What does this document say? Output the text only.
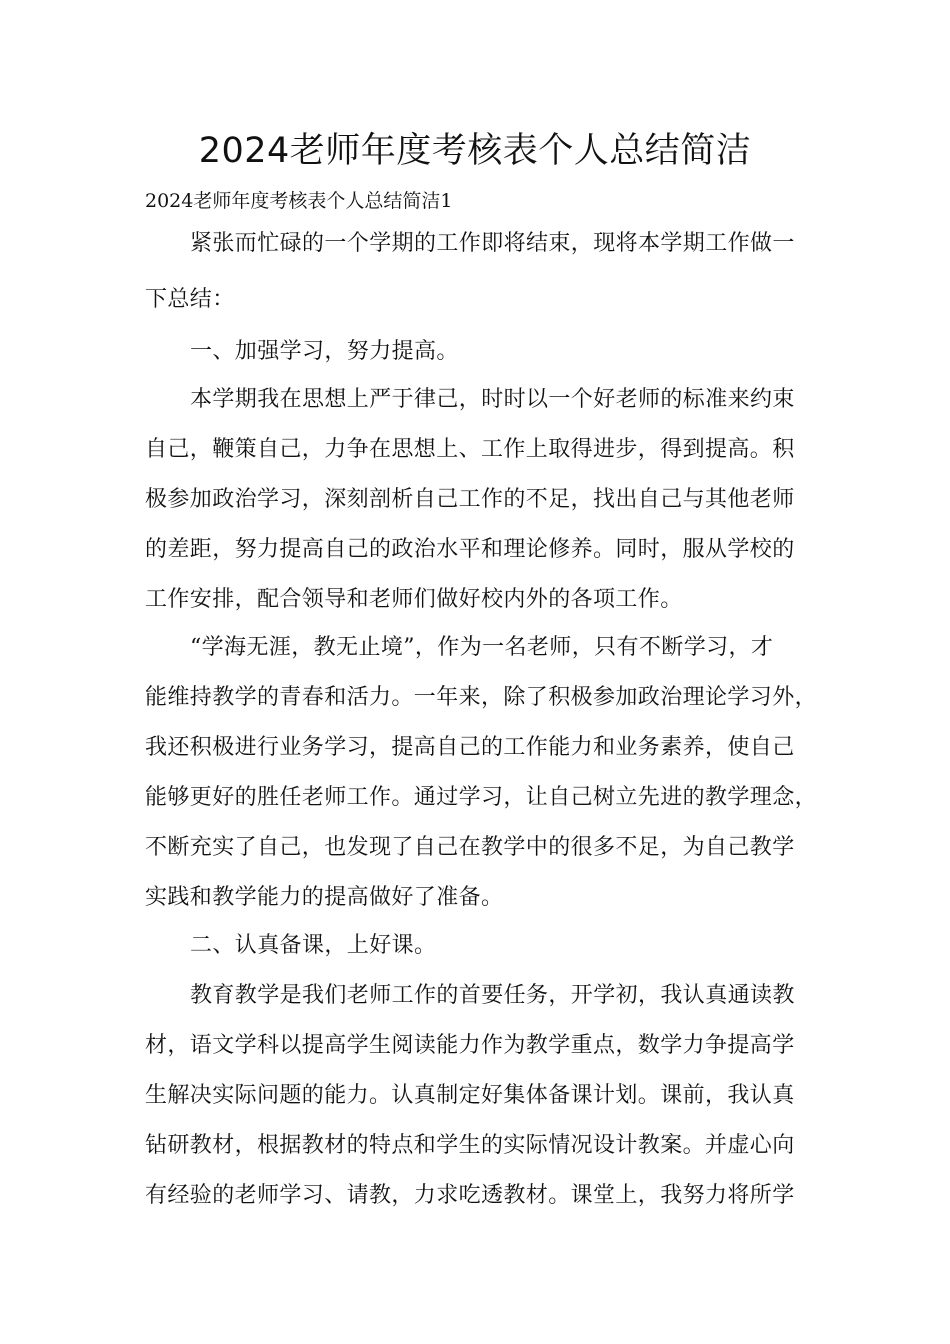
2024老师年度考核表个人总结简洁
2024老师年度考核表个人总结简洁1
紧张而忙碌的一个学期的工作即将结束，现将本学期工作做一
下总结：
一、加强学习，努力提高。
本学期我在思想上严于律己，时时以一个好老师的标准来约束
自己，鞭策自己，力争在思想上、工作上取得进步，得到提高。积
极参加政治学习，深刻剖析自己工作的不足，找出自己与其他老师
的差距，努力提高自己的政治水平和理论修养。同时，服从学校的
工作安排，配合领导和老师们做好校内外的各项工作。
“学海无涯，教无止境”，作为一名老师，只有不断学习，才
能维持教学的青春和活力。一年来，除了积极参加政治理论学习外，
我还积极进行业务学习，提高自己的工作能力和业务素养，使自己
能够更好的胜任老师工作。通过学习，让自己树立先进的教学理念，
不断充实了自己，也发现了自己在教学中的很多不足，为自己教学
实践和教学能力的提高做好了准备。
二、认真备课，上好课。
教育教学是我们老师工作的首要任务，开学初，我认真通读教
材，语文学科以提高学生阅读能力作为教学重点，数学力争提高学
生解决实际问题的能力。认真制定好集体备课计划。课前，我认真
钻研教材，根据教材的特点和学生的实际情况设计教案。并虚心向
有经验的老师学习、请教，力求吃透教材。课堂上，我努力将所学
